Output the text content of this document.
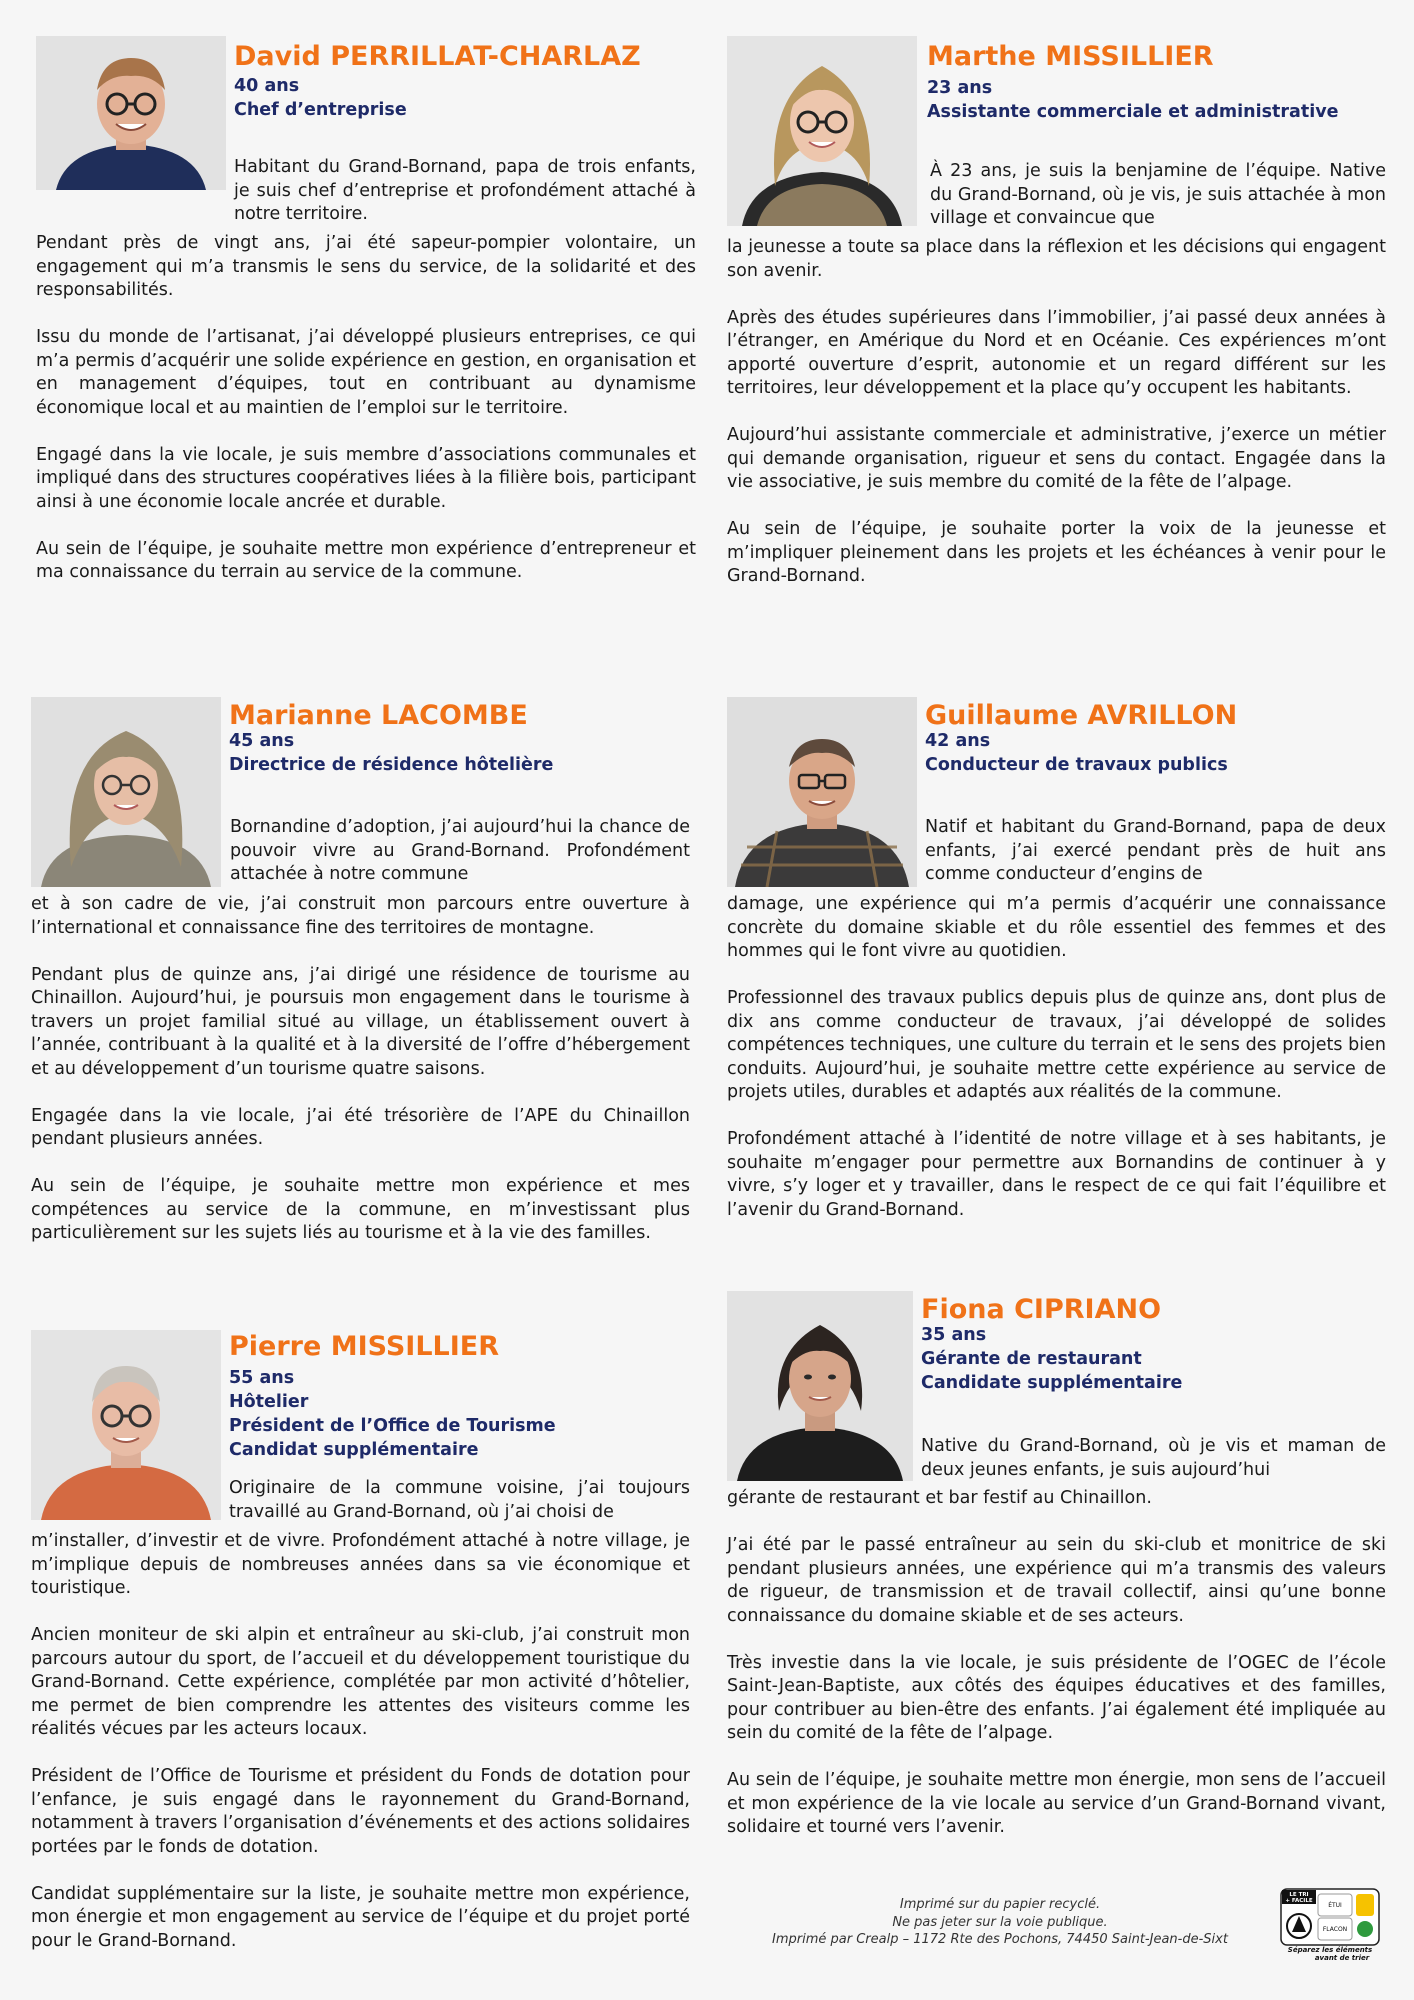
David PERRILLAT-CHARLAZ
40 ans
Chef d’entreprise
Habitant du Grand-Bornand, papa de trois enfants, je suis chef d’entreprise et profondément attaché à notre territoire.

Pendant près de vingt ans, j’ai été sapeur-pompier volontaire, un engagement qui m’a transmis le sens du service, de la solidarité et des responsabilités.

Issu du monde de l’artisanat, j’ai développé plusieurs entreprises, ce qui m’a permis d’acquérir une solide expérience en gestion, en organisation et en management d’équipes, tout en contribuant au dynamisme économique local et au maintien de l’emploi sur le territoire.

Engagé dans la vie locale, je suis membre d’associations communales et impliqué dans des structures coopératives liées à la filière bois, participant ainsi à une économie locale ancrée et durable.

Au sein de l’équipe, je souhaite mettre mon expérience d’entrepreneur et ma connaissance du terrain au service de la commune.

Marthe MISSILLIER
23 ans
Assistante commerciale et administrative
À 23 ans, je suis la benjamine de l’équipe. Native du Grand-Bornand, où je vis, je suis attachée à mon village et convaincue que

la jeunesse a toute sa place dans la réflexion et les décisions qui engagent son avenir.

Après des études supérieures dans l’immobilier, j’ai passé deux années à l’étranger, en Amérique du Nord et en Océanie. Ces expériences m’ont apporté ouverture d’esprit, autonomie et un regard différent sur les territoires, leur développement et la place qu’y occupent les habitants.

Aujourd’hui assistante commerciale et administrative, j’exerce un métier qui demande organisation, rigueur et sens du contact. Engagée dans la vie associative, je suis membre du comité de la fête de l’alpage.

Au sein de l’équipe, je souhaite porter la voix de la jeunesse et m’impliquer pleinement dans les projets et les échéances à venir pour le Grand-Bornand.

Marianne LACOMBE
45 ans
Directrice de résidence hôtelière
Bornandine d’adoption, j’ai aujourd’hui la chance de pouvoir vivre au Grand-Bornand. Profondément attachée à notre commune

et à son cadre de vie, j’ai construit mon parcours entre ouverture à l’international et connaissance fine des territoires de montagne.

Pendant plus de quinze ans, j’ai dirigé une résidence de tourisme au Chinaillon. Aujourd’hui, je poursuis mon engagement dans le tourisme à travers un projet familial situé au village, un établissement ouvert à l’année, contribuant à la qualité et à la diversité de l’offre d’hébergement et au développement d’un tourisme quatre saisons.

Engagée dans la vie locale, j’ai été trésorière de l’APE du Chinaillon pendant plusieurs années.

Au sein de l’équipe, je souhaite mettre mon expérience et mes compétences au service de la commune, en m’investissant plus particulièrement sur les sujets liés au tourisme et à la vie des familles.

Guillaume AVRILLON
42 ans
Conducteur de travaux publics
Natif et habitant du Grand-Bornand, papa de deux enfants, j’ai exercé pendant près de huit ans comme conducteur d’engins de

damage, une expérience qui m’a permis d’acquérir une connaissance concrète du domaine skiable et du rôle essentiel des femmes et des hommes qui le font vivre au quotidien.

Professionnel des travaux publics depuis plus de quinze ans, dont plus de dix ans comme conducteur de travaux, j’ai développé de solides compétences techniques, une culture du terrain et le sens des projets bien conduits. Aujourd’hui, je souhaite mettre cette expérience au service de projets utiles, durables et adaptés aux réalités de la commune.

Profondément attaché à l’identité de notre village et à ses habitants, je souhaite m’engager pour permettre aux Bornandins de continuer à y vivre, s’y loger et y travailler, dans le respect de ce qui fait l’équilibre et l’avenir du Grand-Bornand.

Pierre MISSILLIER
55 ans
Hôtelier
Président de l’Office de Tourisme
Candidat supplémentaire
Originaire de la commune voisine, j’ai toujours travaillé au Grand-Bornand, où j’ai choisi de

m’installer, d’investir et de vivre. Profondément attaché à notre village, je m’implique depuis de nombreuses années dans sa vie économique et touristique.

Ancien moniteur de ski alpin et entraîneur au ski-club, j’ai construit mon parcours autour du sport, de l’accueil et du développement touristique du Grand-Bornand. Cette expérience, complétée par mon activité d’hôtelier, me permet de bien comprendre les attentes des visiteurs comme les réalités vécues par les acteurs locaux.

Président de l’Office de Tourisme et président du Fonds de dotation pour l’enfance, je suis engagé dans le rayonnement du Grand-Bornand, notamment à travers l’organisation d’événements et des actions solidaires portées par le fonds de dotation.

Candidat supplémentaire sur la liste, je souhaite mettre mon expérience, mon énergie et mon engagement au service de l’équipe et du projet porté pour le Grand-Bornand.

Fiona CIPRIANO
35 ans
Gérante de restaurant
Candidate supplémentaire
Native du Grand-Bornand, où je vis et maman de deux jeunes enfants, je suis aujourd’hui

gérante de restaurant et bar festif au Chinaillon.

J’ai été par le passé entraîneur au sein du ski-club et monitrice de ski pendant plusieurs années, une expérience qui m’a transmis des valeurs de rigueur, de transmission et de travail collectif, ainsi qu’une bonne connaissance du domaine skiable et de ses acteurs.

Très investie dans la vie locale, je suis présidente de l’OGEC de l’école Saint-Jean-Baptiste, aux côtés des équipes éducatives et des familles, pour contribuer au bien-être des enfants. J’ai également été impliquée au sein du comité de la fête de l’alpage.

Au sein de l’équipe, je souhaite mettre mon énergie, mon sens de l’accueil et mon expérience de la vie locale au service d’un Grand-Bornand vivant, solidaire et tourné vers l’avenir.

Imprimé sur du papier recyclé.
Ne pas jeter sur la voie publique.
Imprimé par Crealp – 1172 Rte des Pochons, 74450 Saint-Jean-de-Sixt
LE TRI
+ FACILE
ÉTUI
FLACON
Séparez les éléments
avant de trier
